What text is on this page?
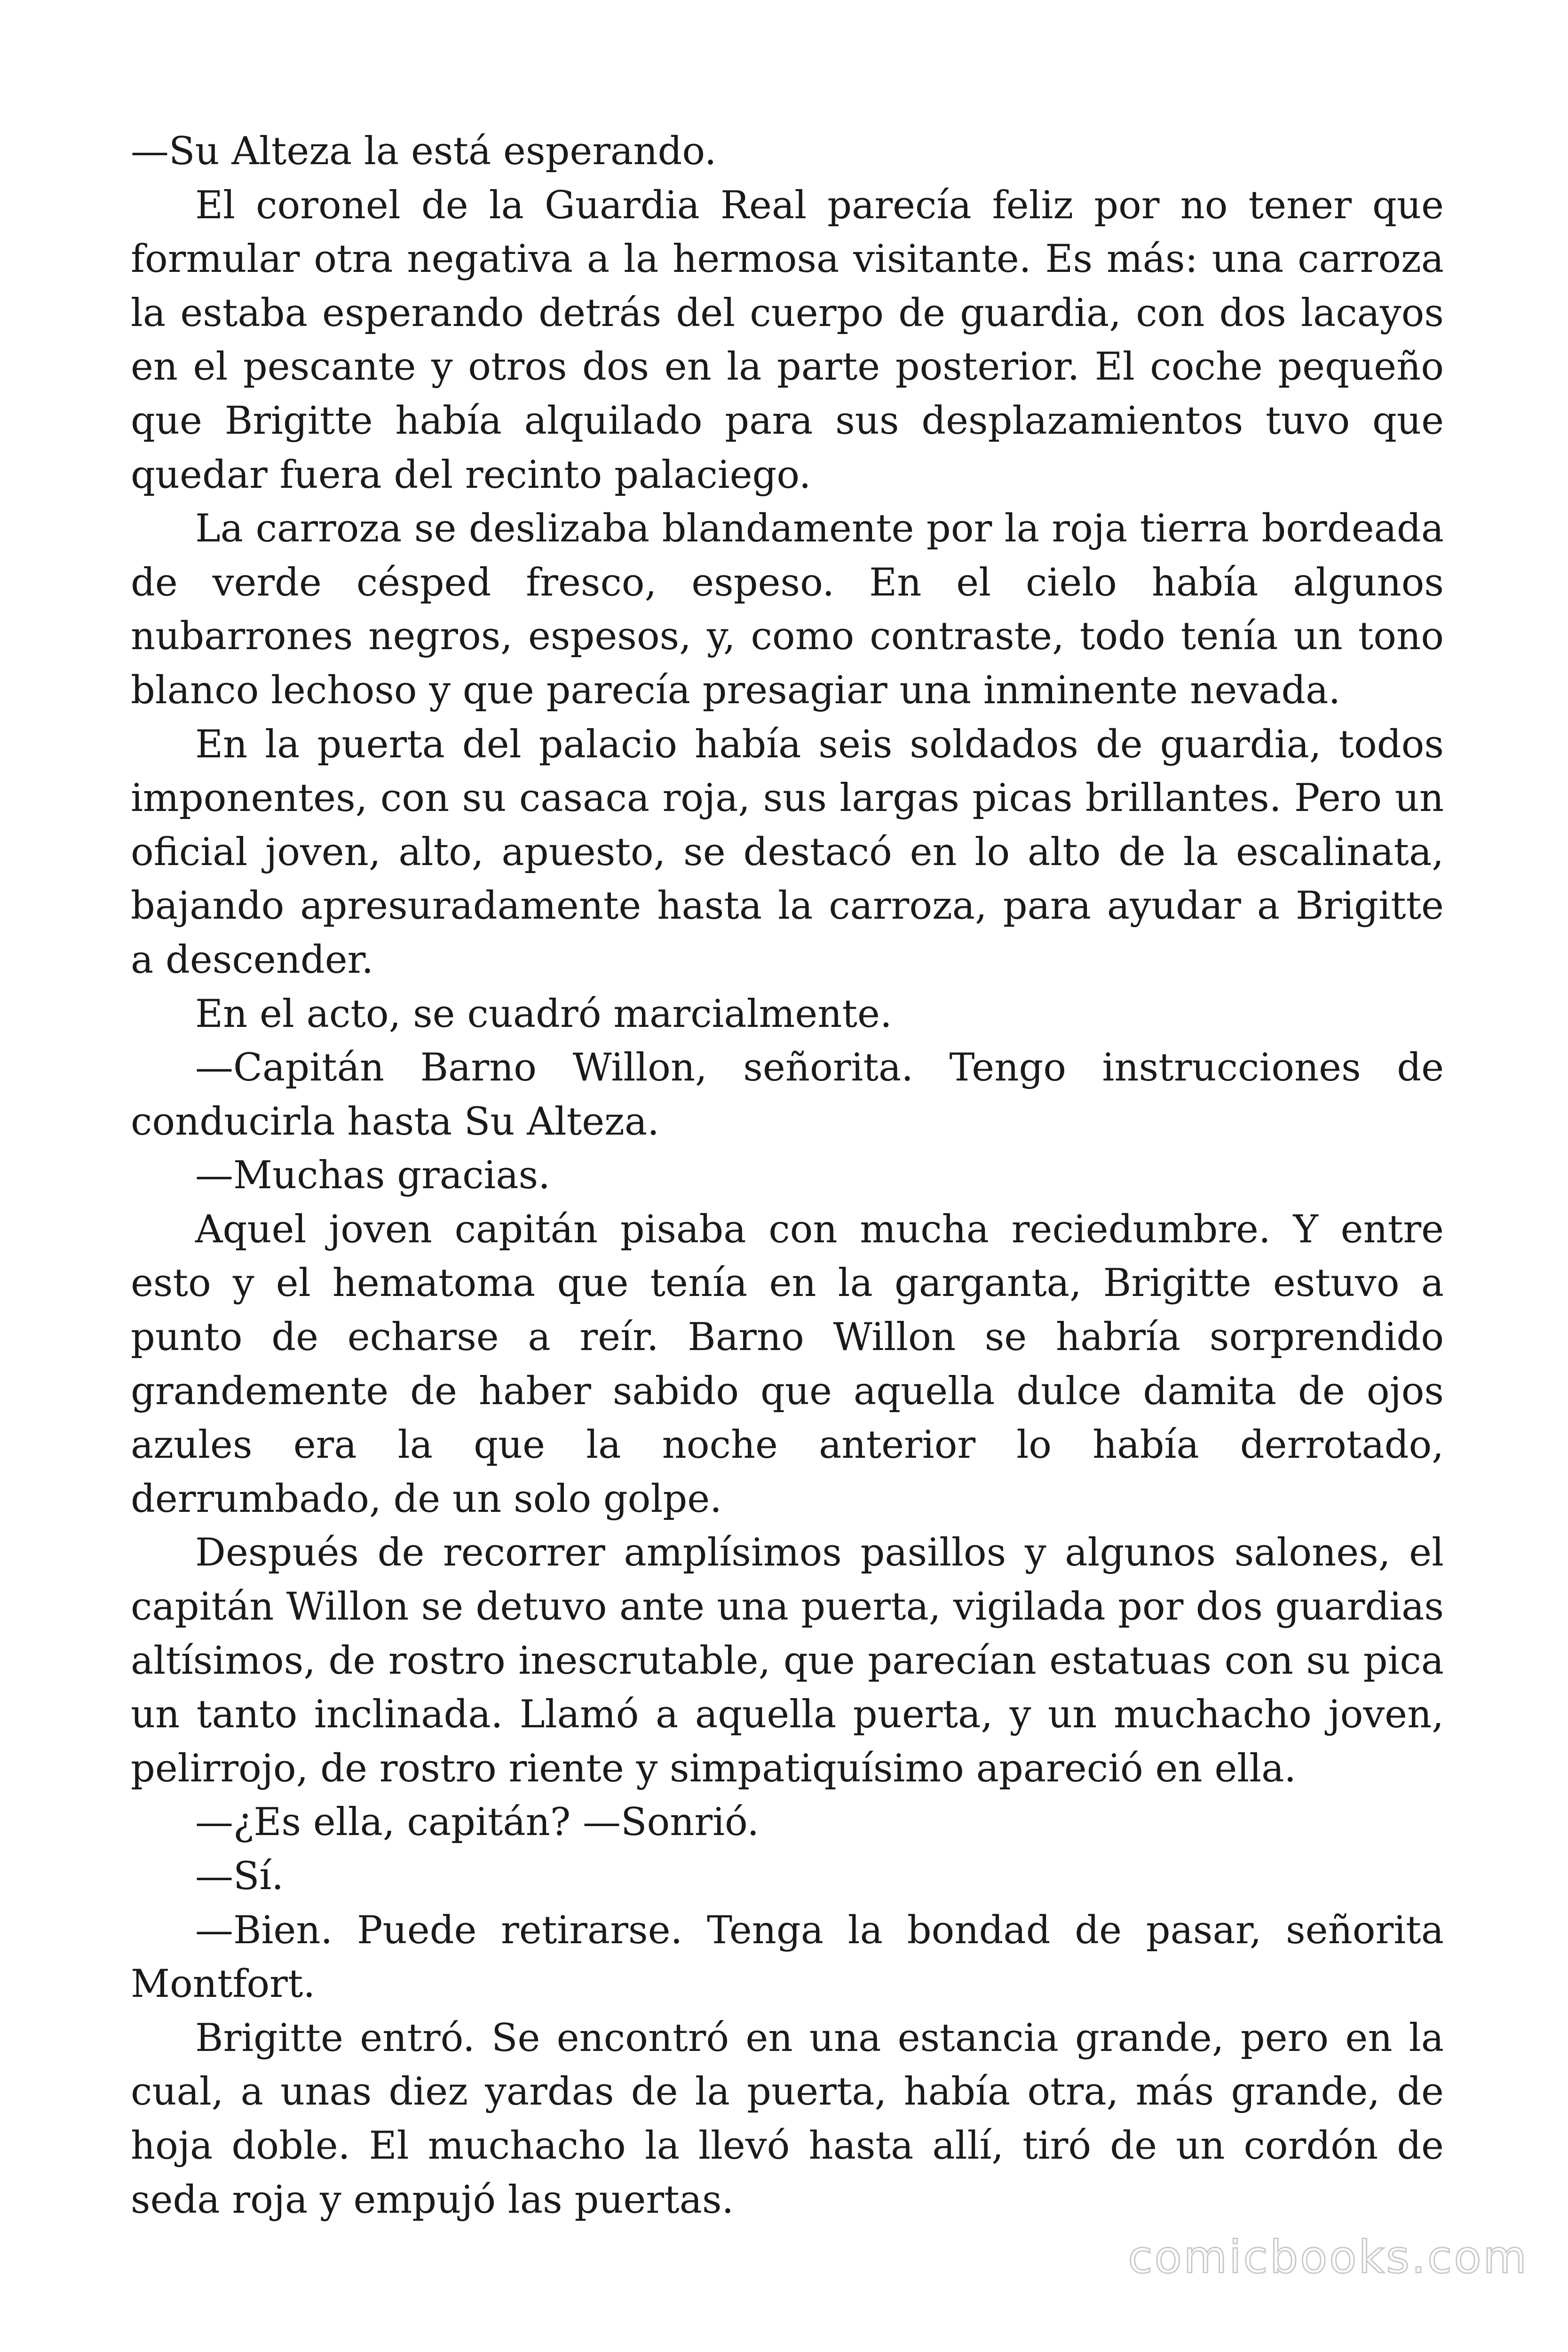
—Su Alteza la está esperando.

El coronel de la Guardia Real parecía feliz por no tener que formular otra negativa a la hermosa visitante. Es más: una carroza la estaba esperando detrás del cuerpo de guardia, con dos lacayos en el pescante y otros dos en la parte posterior. El coche pequeño que Brigitte había alquilado para sus desplazamientos tuvo que quedar fuera del recinto palaciego.

La carroza se deslizaba blandamente por la roja tierra bordeada de verde césped fresco, espeso. En el cielo había algunos nubarrones negros, espesos, y, como contraste, todo tenía un tono blanco lechoso y que parecía presagiar una inminente nevada.

En la puerta del palacio había seis soldados de guardia, todos imponentes, con su casaca roja, sus largas picas brillantes. Pero un oficial joven, alto, apuesto, se destacó en lo alto de la escalinata, bajando apresuradamente hasta la carroza, para ayudar a Brigitte a descender.

En el acto, se cuadró marcialmente.

—Capitán Barno Willon, señorita. Tengo instrucciones de conducirla hasta Su Alteza.

—Muchas gracias.

Aquel joven capitán pisaba con mucha reciedumbre. Y entre esto y el hematoma que tenía en la garganta, Brigitte estuvo a punto de echarse a reír. Barno Willon se habría sorprendido grandemente de haber sabido que aquella dulce damita de ojos azules era la que la noche anterior lo había derrotado, derrumbado, de un solo golpe.

Después de recorrer amplísimos pasillos y algunos salones, el capitán Willon se detuvo ante una puerta, vigilada por dos guardias altísimos, de rostro inescrutable, que parecían estatuas con su pica un tanto inclinada. Llamó a aquella puerta, y un muchacho joven, pelirrojo, de rostro riente y simpatiquísimo apareció en ella.

—¿Es ella, capitán? —Sonrió.

—Sí.

—Bien. Puede retirarse. Tenga la bondad de pasar, señorita Montfort.

Brigitte entró. Se encontró en una estancia grande, pero en la cual, a unas diez yardas de la puerta, había otra, más grande, de hoja doble. El muchacho la llevó hasta allí, tiró de un cordón de seda roja y empujó las puertas.

comicbooks.com
